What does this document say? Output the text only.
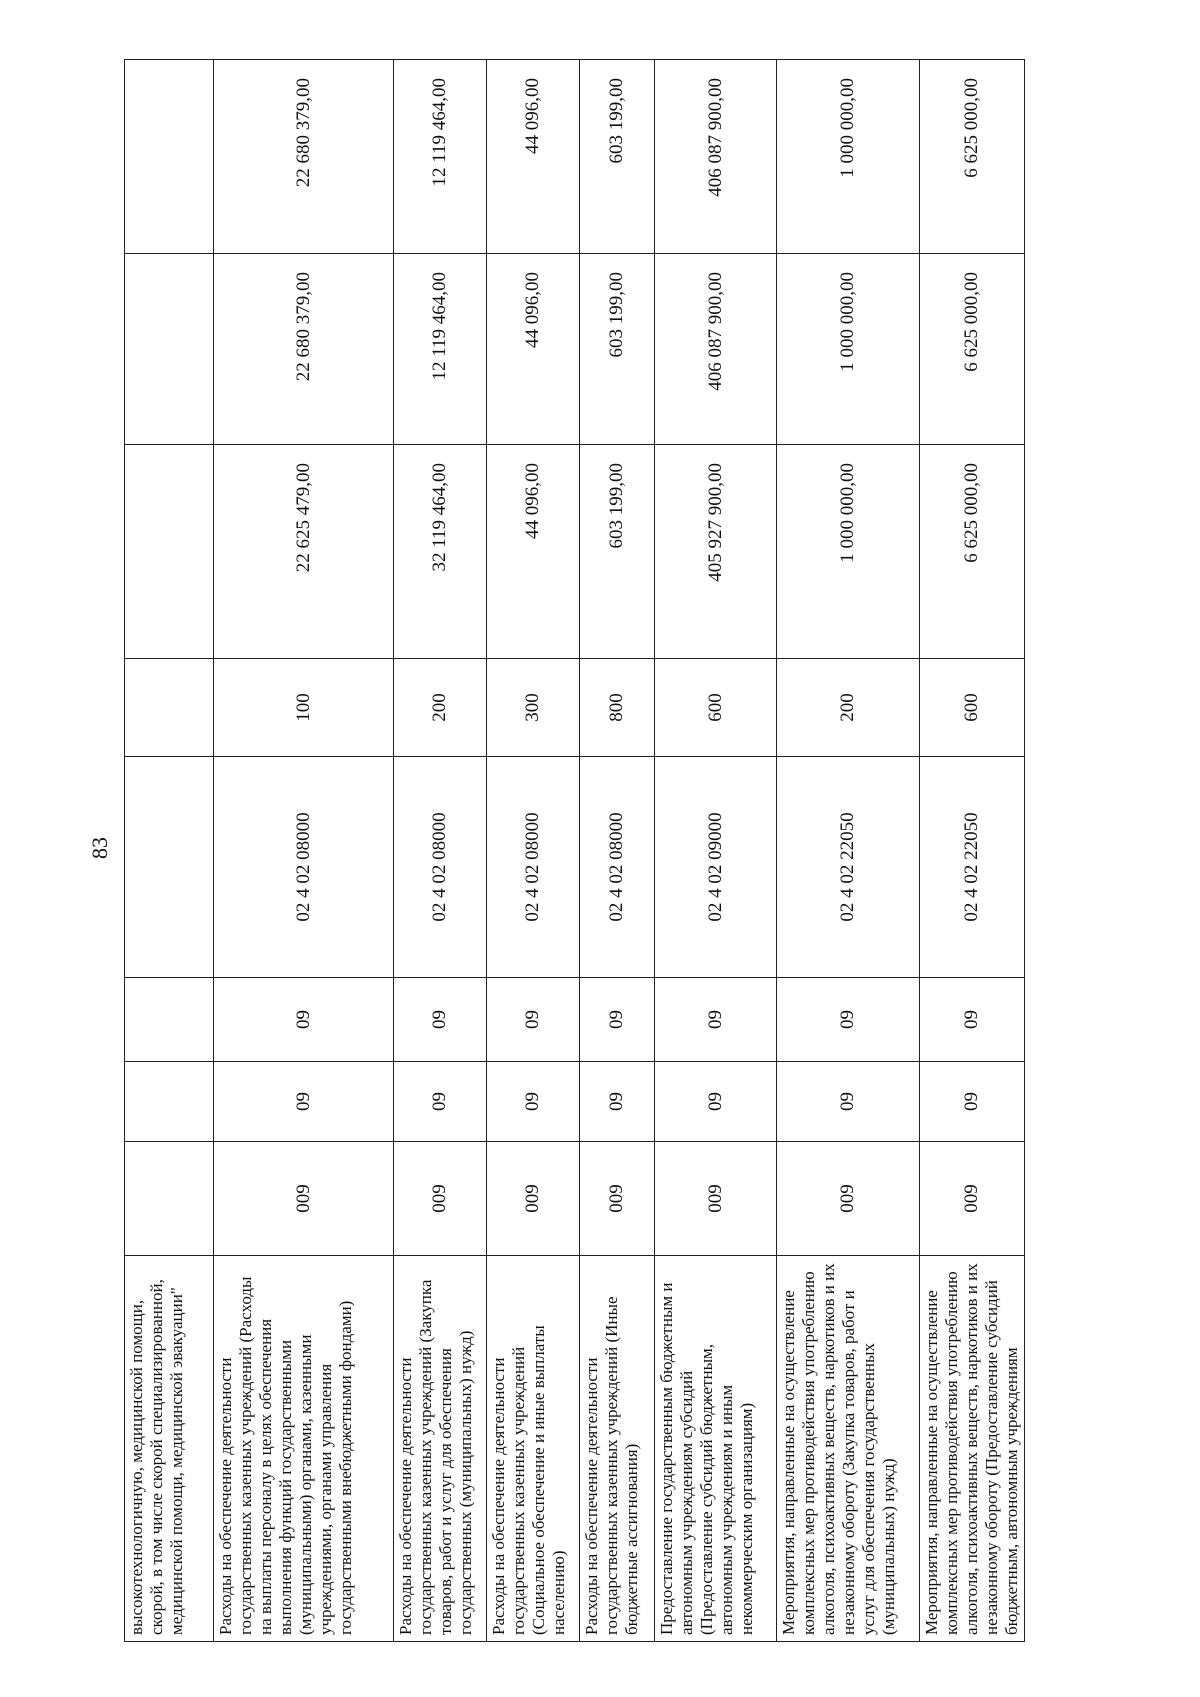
83
высокотехнологичную, медицинской помощи, скорой, в том числе скорой специализированной, медицинской помощи, медицинской эвакуации"								
Расходы на обеспечение деятельности государственных казенных учреждений (Расходы на выплаты персоналу в целях обеспечения выполнения функций государственными (муниципальными) органами, казенными учреждениями, органами управления государственными внебюджетными фондами)	009	09	09	02 4 02 08000	100	22 625 479,00	22 680 379,00	22 680 379,00
Расходы на обеспечение деятельности государственных казенных учреждений (Закупка товаров, работ и услуг для обеспечения государственных (муниципальных) нужд)	009	09	09	02 4 02 08000	200	32 119 464,00	12 119 464,00	12 119 464,00
Расходы на обеспечение деятельности государственных казенных учреждений (Социальное обеспечение и иные выплаты населению)	009	09	09	02 4 02 08000	300	44 096,00	44 096,00	44 096,00
Расходы на обеспечение деятельности государственных казенных учреждений (Иные бюджетные ассигнования)	009	09	09	02 4 02 08000	800	603 199,00	603 199,00	603 199,00
Предоставление государственным бюджетным и автономным учреждениям субсидий (Предоставление субсидий бюджетным, автономным учреждениям и иным некоммерческим организациям)	009	09	09	02 4 02 09000	600	405 927 900,00	406 087 900,00	406 087 900,00
Мероприятия, направленные на осуществление комплексных мер противодействия употреблению алкоголя, психоактивных веществ, наркотиков и их незаконному обороту (Закупка товаров, работ и услуг для обеспечения государственных (муниципальных) нужд)	009	09	09	02 4 02 22050	200	1 000 000,00	1 000 000,00	1 000 000,00
Мероприятия, направленные на осуществление комплексных мер противодействия употреблению алкоголя, психоактивных веществ, наркотиков и их незаконному обороту (Предоставление субсидий бюджетным, автономным учреждениям	009	09	09	02 4 02 22050	600	6 625 000,00	6 625 000,00	6 625 000,00
